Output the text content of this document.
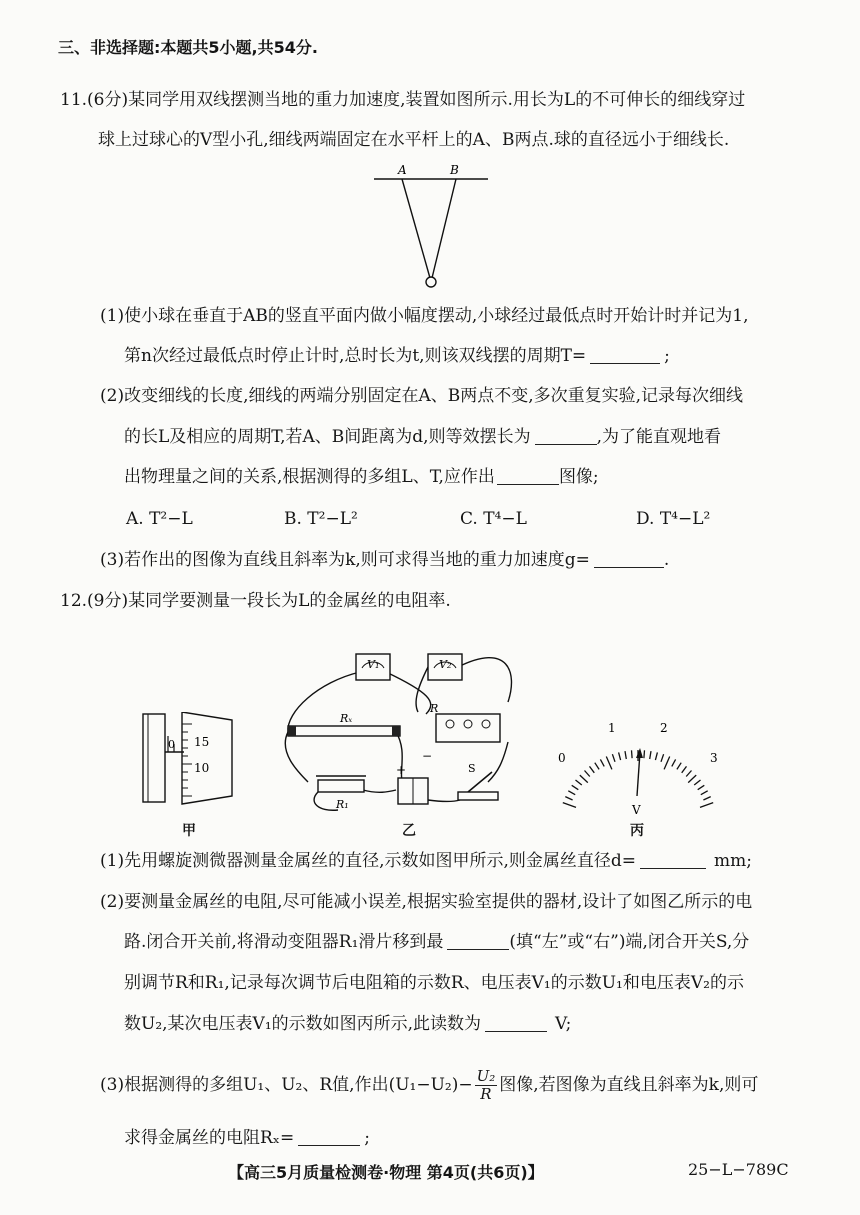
三、非选择题:本题共5小题,共54分.
11.(6分)某同学用双线摆测当地的重力加速度,装置如图所示.用长为L的不可伸长的细线穿过
球上过球心的V型小孔,细线两端固定在水平杆上的A、B两点.球的直径远小于细线长.
A	B
(1)使小球在垂直于AB的竖直平面内做小幅度摆动,小球经过最低点时开始计时并记为1,
第n次经过最低点时停止计时,总时长为t,则该双线摆的周期T=	;
(2)改变细线的长度,细线的两端分别固定在A、B两点不变,多次重复实验,记录每次细线
的长L及相应的周期T,若A、B间距离为d,则等效摆长为	,为了能直观地看
出物理量之间的关系,根据测得的多组L、T,应作出	图像;
A. T²−L	B. T²−L²	C. T⁴−L	D. T⁴−L²
(3)若作出的图像为直线且斜率为k,则可求得当地的重力加速度g=	.
12.(9分)某同学要测量一段长为L的金属丝的电阻率.
0 15
10
甲
V₁	V₂
Rₓ
R
R₁
+
−
S
乙
0
1	2
3
V
丙
(1)先用螺旋测微器测量金属丝的直径,示数如图甲所示,则金属丝直径d=	mm;
(2)要测量金属丝的电阻,尽可能减小误差,根据实验室提供的器材,设计了如图乙所示的电
路.闭合开关前,将滑动变阻器R₁滑片移到最	(填“左”或“右”)端,闭合开关S,分
别调节R和R₁,记录每次调节后电阻箱的示数R、电压表V₁的示数U₁和电压表V₂的示
数U₂,某次电压表V₁的示数如图丙所示,此读数为	V;
(3)根据测得的多组U₁、U₂、R值,作出$(U_1-U_2)- \frac{\text{U₂}}{R}$ 图像,若图像为直线且斜率为k,则可
求得金属丝的电阻Rₓ=	;
【高三5月质量检测卷·物理 第4页(共6页)】	25−L−789C
